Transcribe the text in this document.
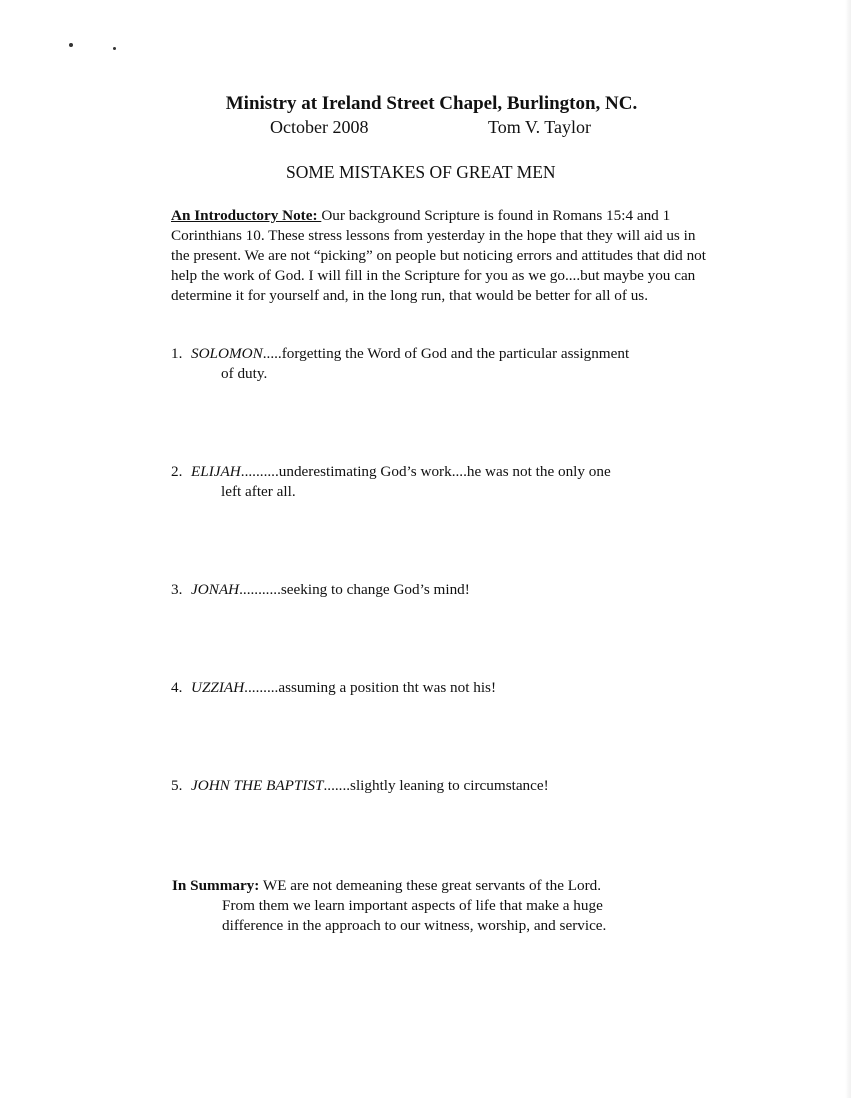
Ministry at Ireland Street Chapel, Burlington, NC.
October 2008	Tom V. Taylor
SOME MISTAKES OF GREAT MEN
An Introductory Note: Our background Scripture is found in Romans 15:4 and 1 Corinthians 10. These stress lessons from yesterday in the hope that they will aid us in the present. We are not “picking” on people but noticing errors and attitudes that did not help the work of God. I will fill in the Scripture for you as we go....but maybe you can determine it for yourself and, in the long run, that would be better for all of us.
1. SOLOMON.....forgetting the Word of God and the particular assignment
of duty.
2. ELIJAH..........underestimating God’s work....he was not the only one
left after all.
3. JONAH...........seeking to change God’s mind!
4. UZZIAH.........assuming a position tht was not his!
5. JOHN THE BAPTIST.......slightly leaning to circumstance!
In Summary: WE are not demeaning these great servants of the Lord.
From them we learn important aspects of life that make a huge
difference in the approach to our witness, worship, and service.
